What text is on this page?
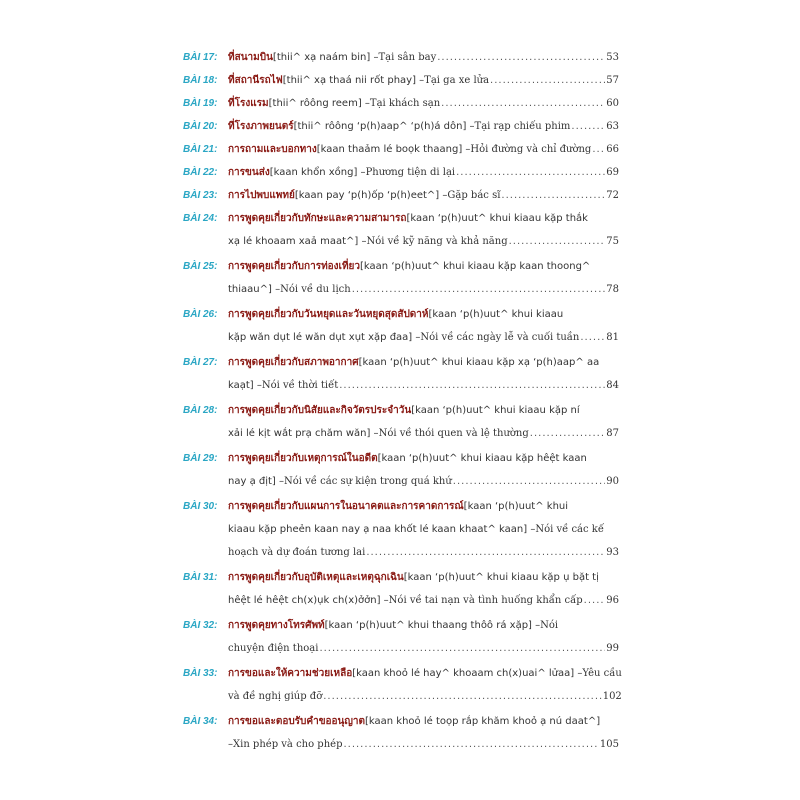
BÀI 17:	ที่สนามบิน [thii^ xạ naám bin] – Tại sân bay .....	53
BÀI 18:	ที่สถานีรถไฟ [thii^ xạ thaá nii rốt phay] – Tại ga xe lửa .....	57
BÀI 19:	ที่โรงแรม [thii^ rôông reem] – Tại khách sạn .....	60
BÀI 20:	ที่โรงภาพยนตร์ [thii^ rôông ‘p(h)aap^ ‘p(h)á dôn] – Tại rạp chiếu phim .....	63
BÀI 21:	การถามและบอกทาง [kaan thaảm lé boọk thaang] – Hỏi đường và chỉ đường ..... 66
BÀI 22:	การขนส่ง [kaan khổn xồng] – Phương tiện di lại .....	69
BÀI 23:	การไปพบแพทย์ [kaan pay ‘p(h)ốp ‘p(h)eet^] – Gặp bác sĩ .....	72
BÀI 24:	การพูดคุยเกี่ยวกับทักษะและความสามารถ [kaan ‘p(h)uut^ khui kiaau kặp thắk
xạ lé khoaam xaả maat^] – Nói về kỹ năng và khả năng .....	75
BÀI 25:	การพูดคุยเกี่ยวกับการท่องเที่ยว [kaan ‘p(h)uut^ khui kiaau kặp kaan thoong^
thiaau^] – Nói về du lịch .....	78
BÀI 26:	การพูดคุยเกี่ยวกับวันหยุดและวันหยุดสุดสัปดาห์ [kaan ‘p(h)uut^ khui kiaau
kặp wăn dụt lé wăn dụt xụt xặp đaa] – Nói về các ngày lễ và cuối tuần .....	81
BÀI 27:	การพูดคุยเกี่ยวกับสภาพอากาศ [kaan ‘p(h)uut^ khui kiaau kặp xạ ‘p(h)aap^ aa
kaạt] – Nói về thời tiết .....	84
BÀI 28:	การพูดคุยเกี่ยวกับนิสัยและกิจวัตรประจำวัน [kaan ‘p(h)uut^ khui kiaau kặp ní
xải lé kịt wắt prạ chăm wăn] – Nói về thói quen và lệ thường .....	87
BÀI 29:	การพูดคุยเกี่ยวกับเหตุการณ์ในอดีต [kaan ‘p(h)uut^ khui kiaau kặp hêệt kaan
nay ạ địt] – Nói về các sự kiện trong quá khứ .....	90
BÀI 30:	การพูดคุยเกี่ยวกับแผนการในอนาคตและการคาดการณ์ [kaan ‘p(h)uut^ khui
kiaau kặp pheẻn kaan nay ạ naa khốt lé kaan khaat^ kaan] – Nói về các kế
hoạch và dự đoán tương lai .....	93
BÀI 31:	การพูดคุยเกี่ยวกับอุบัติเหตุและเหตุฉุกเฉิน [kaan ‘p(h)uut^ khui kiaau kặp ụ bặt tị
hêệt lé hêệt ch(x)ụk ch(x)ởởn] – Nói về tai nạn và tình huống khẩn cấp ..... 96
BÀI 32:	การพูดคุยทางโทรศัพท์ [kaan ‘p(h)uut^ khui thaang thôô rá xặp] – Nói
chuyện điện thoại .....	99
BÀI 33:	การขอและให้ความช่วยเหลือ [kaan khoỏ lé hay^ khoaam ch(x)uai^ lửaa] – Yêu cầu
và đề nghị giúp đỡ .....	102
BÀI 34:	การขอและตอบรับคำขออนุญาต [kaan khoỏ lé toọp rắp khăm khoỏ ạ nú daat^]
– Xin phép và cho phép .....	105
